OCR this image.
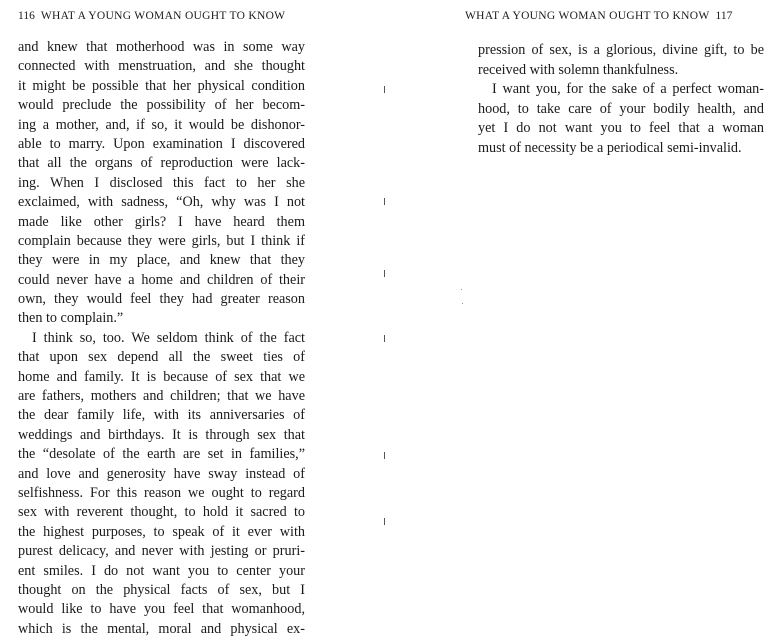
116 WHAT A YOUNG WOMAN OUGHT TO KNOW
and knew that motherhood was in some way
connected with menstruation, and she thought
it might be possible that her physical condition
would preclude the possibility of her becom-
ing a mother, and, if so, it would be dishonor-
able to marry. Upon examination I discovered
that all the organs of reproduction were lack-
ing. When I disclosed this fact to her she
exclaimed, with sadness, “Oh, why was I not
made like other girls? I have heard them
complain because they were girls, but I think if
they were in my place, and knew that they
could never have a home and children of their
own, they would feel they had greater reason
then to complain.”
I think so, too. We seldom think of the fact
that upon sex depend all the sweet ties of
home and family. It is because of sex that we
are fathers, mothers and children; that we have
the dear family life, with its anniversaries of
weddings and birthdays. It is through sex that
the “desolate of the earth are set in families,”
and love and generosity have sway instead of
selfishness. For this reason we ought to regard
sex with reverent thought, to hold it sacred to
the highest purposes, to speak of it ever with
purest delicacy, and never with jesting or pruri-
ent smiles. I do not want you to center your
thought on the physical facts of sex, but I
would like to have you feel that womanhood,
which is the mental, moral and physical ex-
WHAT A YOUNG WOMAN OUGHT TO KNOW 117
pression of sex, is a glorious, divine gift, to be
received with solemn thankfulness.
I want you, for the sake of a perfect woman-
hood, to take care of your bodily health, and
yet I do not want you to feel that a woman
must of necessity be a periodical semi-invalid.
